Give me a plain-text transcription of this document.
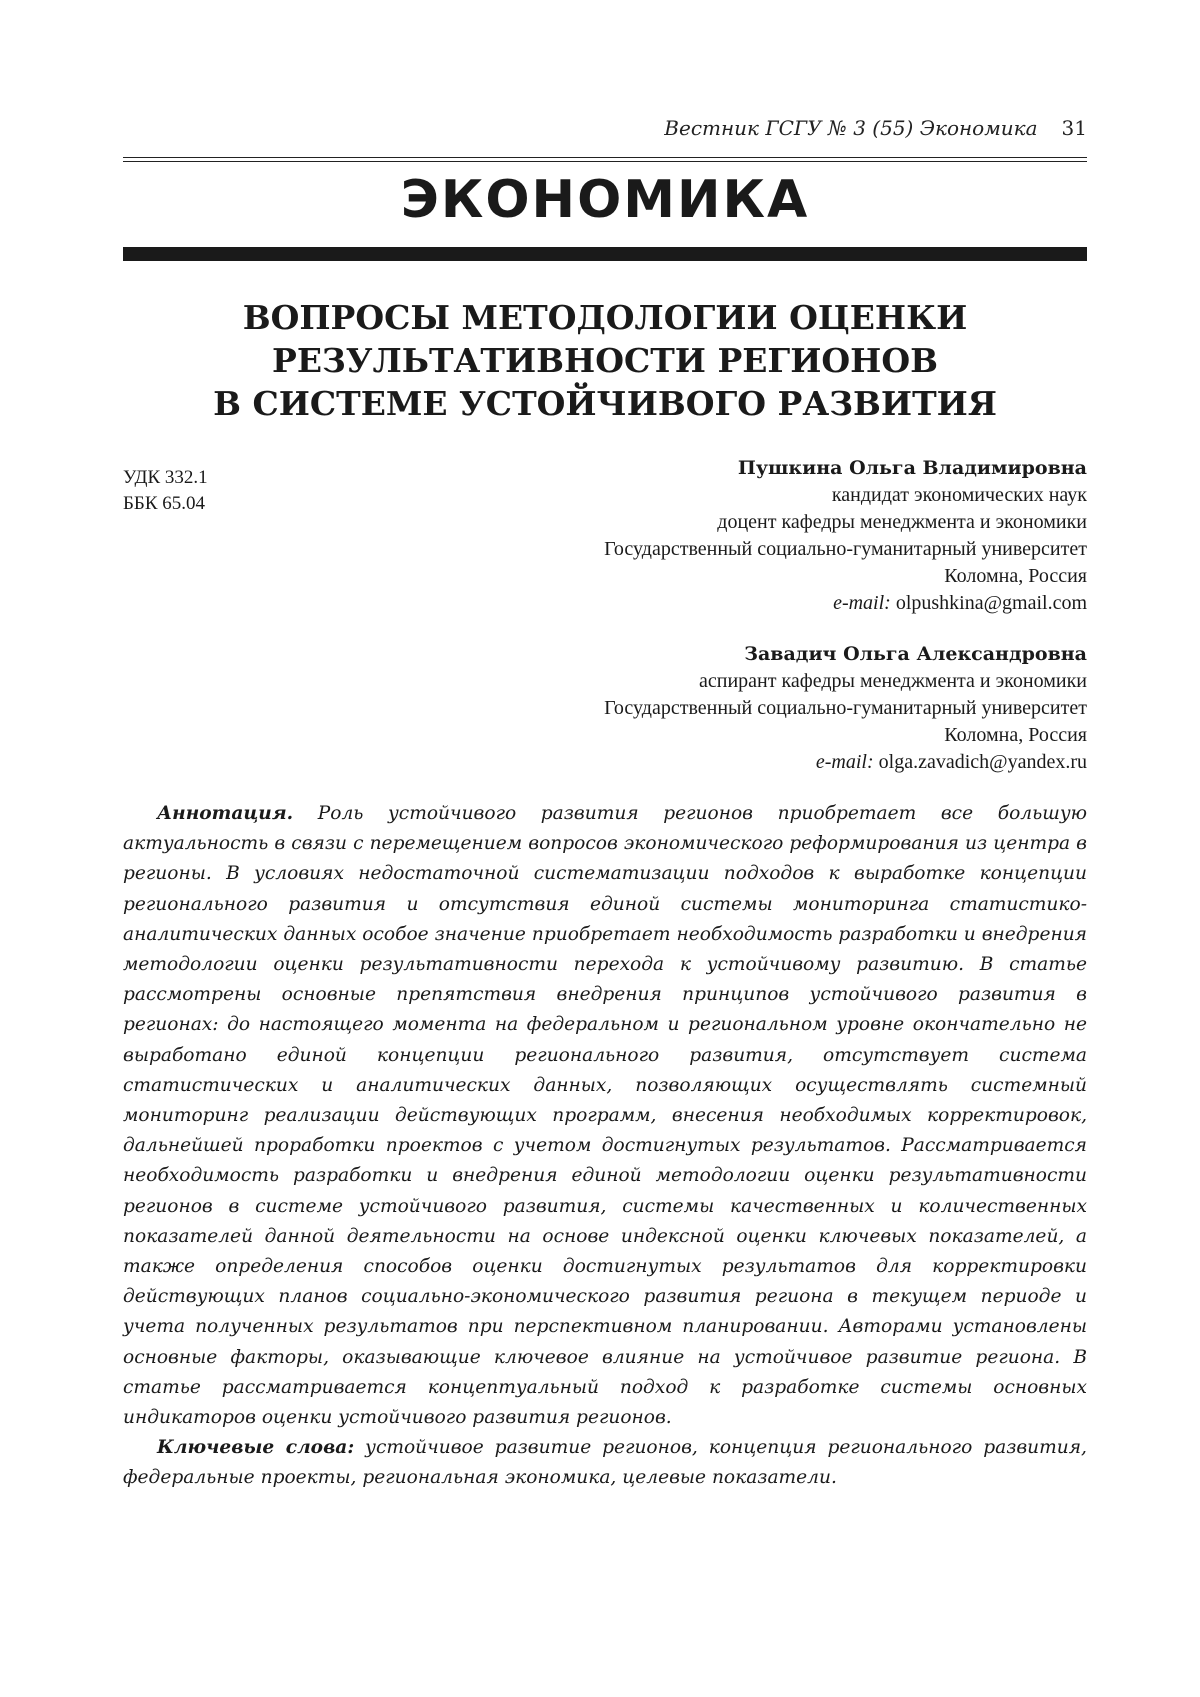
Вестник ГСГУ № 3 (55) Экономика 31
ЭКОНОМИКА
ВОПРОСЫ МЕТОДОЛОГИИ ОЦЕНКИ
РЕЗУЛЬТАТИВНОСТИ РЕГИОНОВ
В СИСТЕМЕ УСТОЙЧИВОГО РАЗВИТИЯ
УДК 332.1
ББК 65.04
Пушкина Ольга Владимировна
кандидат экономических наук
доцент кафедры менеджмента и экономики
Государственный социально-гуманитарный университет
Коломна, Россия
e-mail: olpushkina@gmail.com
Завадич Ольга Александровна
аспирант кафедры менеджмента и экономики
Государственный социально-гуманитарный университет
Коломна, Россия
e-mail: olga.zavadich@yandex.ru

Аннотация. Роль устойчивого развития регионов приобретает все большую актуальность в связи с перемещением вопросов экономического реформирования из центра в регионы. В условиях недостаточной систематизации подходов к выработке концепции регионального развития и отсутствия единой системы мониторинга статистико-аналитических данных особое значение приобретает необходимость разработки и внедрения методологии оценки результативности перехода к устойчивому развитию. В статье рассмотрены основные препятствия внедрения принципов устойчивого развития в регионах: до настоящего момента на федеральном и региональном уровне окончательно не выработано единой концепции регионального развития, отсутствует система статистических и аналитических данных, позволяющих осуществлять системный мониторинг реализации действующих программ, внесения необходимых корректировок, дальнейшей проработки проектов с учетом достигнутых результатов. Рассматривается необходимость разработки и внедрения единой методологии оценки результативности регионов в системе устойчивого развития, системы качественных и количественных показателей данной деятельности на основе индексной оценки ключевых показателей, а также определения способов оценки достигнутых результатов для корректировки действующих планов социально-экономического развития региона в текущем периоде и учета полученных результатов при перспективном планировании. Авторами установлены основные факторы, оказывающие ключевое влияние на устойчивое развитие региона. В статье рассматривается концептуальный подход к разработке системы основных индикаторов оценки устойчивого развития регионов.

Ключевые слова: устойчивое развитие регионов, концепция регионального развития, федеральные проекты, региональная экономика, целевые показатели.
